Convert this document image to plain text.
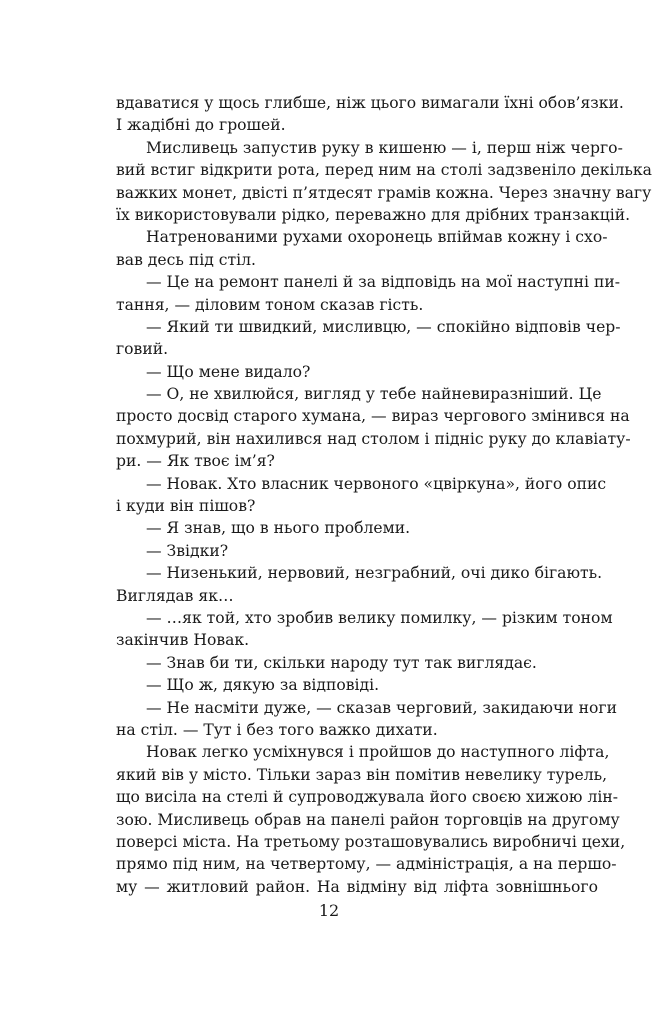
вдаватися у щось глибше, ніж цього вимагали їхні обов’язки.
І жадібні до грошей.
Мисливець запустив руку в кишеню — і, перш ніж черго-
вий встиг відкрити рота, перед ним на столі задзвеніло декілька
важких монет, двісті п’ятдесят грамів кожна. Через значну вагу
їх використовували рідко, переважно для дрібних транзакцій.
Натренованими рухами охоронець впіймав кожну і схо-
вав десь під стіл.
— Це на ремонт панелі й за відповідь на мої наступні пи-
тання, — діловим тоном сказав гість.
— Який ти швидкий, мисливцю, — спокійно відповів чер-
говий.
— Що мене видало?
— О, не хвилюйся, вигляд у тебе найневиразніший. Це
просто досвід старого хумана, — вираз чергового змінився на
похмурий, він нахилився над столом і підніс руку до клавіату-
ри. — Як твоє ім’я?
— Новак. Хто власник червоного «цвіркуна», його опис
і куди він пішов?
— Я знав, що в нього проблеми.
— Звідки?
— Низенький, нервовий, незграбний, очі дико бігають.
Виглядав як…
— …як той, хто зробив велику помилку, — різким тоном
закінчив Новак.
— Знав би ти, скільки народу тут так виглядає.
— Що ж, дякую за відповіді.
— Не насміти дуже, — сказав черговий, закидаючи ноги
на стіл. — Тут і без того важко дихати.
Новак легко усміхнувся і пройшов до наступного ліфта,
який вів у місто. Тільки зараз він помітив невелику турель,
що висіла на стелі й супроводжувала його своєю хижою лін-
зою. Мисливець обрав на панелі район торговців на другому
поверсі міста. На третьому розташовувались виробничі цехи,
прямо під ним, на четвертому, — адміністрація, а на першо-
му — житловий район. На відміну від ліфта зовнішнього
12
